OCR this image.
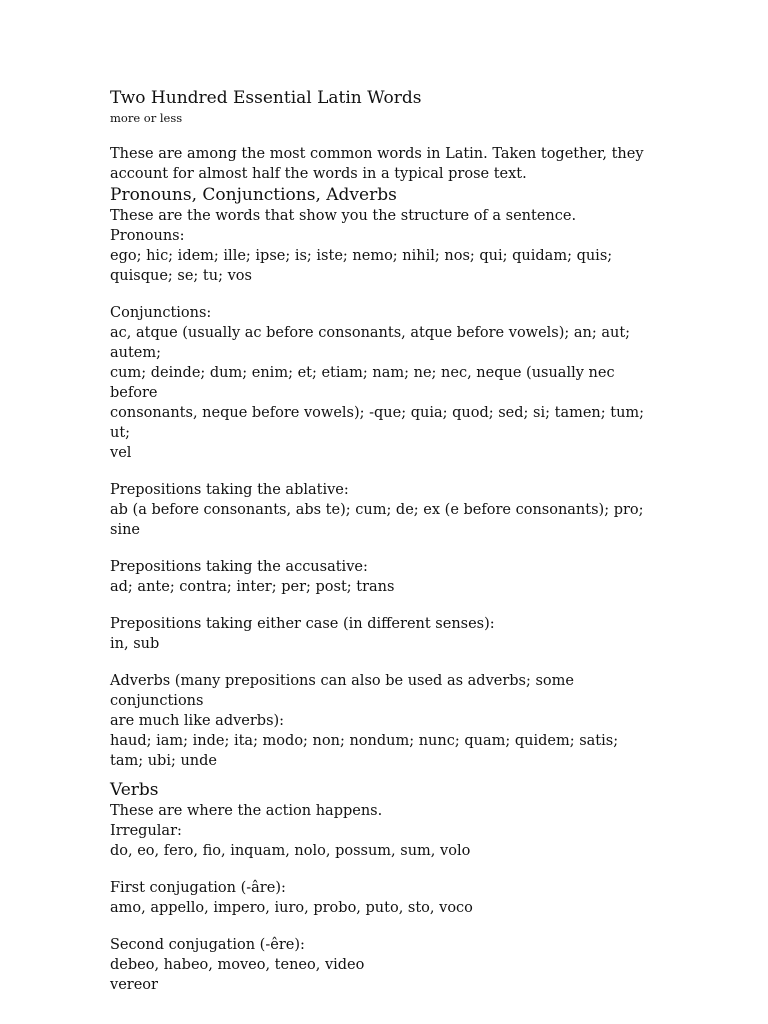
Two Hundred Essential Latin Words

more or less

These are among the most common words in Latin. Taken together, they

account for almost half the words in a typical prose text.

Pronouns, Conjunctions, Adverbs

These are the words that show you the structure of a sentence.

Pronouns:

ego; hic; idem; ille; ipse; is; iste; nemo; nihil; nos; qui; quidam; quis;

quisque; se; tu; vos

Conjunctions:

ac, atque (usually ac before consonants, atque before vowels); an; aut; autem;

cum; deinde; dum; enim; et; etiam; nam; ne; nec, neque (usually nec before

consonants, neque before vowels); -que; quia; quod; sed; si; tamen; tum; ut;

vel

Prepositions taking the ablative:

ab (a before consonants, abs te); cum; de; ex (e before consonants); pro; sine

Prepositions taking the accusative:

ad; ante; contra; inter; per; post; trans

Prepositions taking either case (in different senses):

in, sub

Adverbs (many prepositions can also be used as adverbs; some conjunctions

are much like adverbs):

haud; iam; inde; ita; modo; non; nondum; nunc; quam; quidem; satis;

tam; ubi; unde

Verbs

These are where the action happens.

Irregular:

do, eo, fero, fio, inquam, nolo, possum, sum, volo

First conjugation (-âre):

amo, appello, impero, iuro, probo, puto, sto, voco

Second conjugation (-êre):

debeo, habeo, moveo, teneo, video

vereor
